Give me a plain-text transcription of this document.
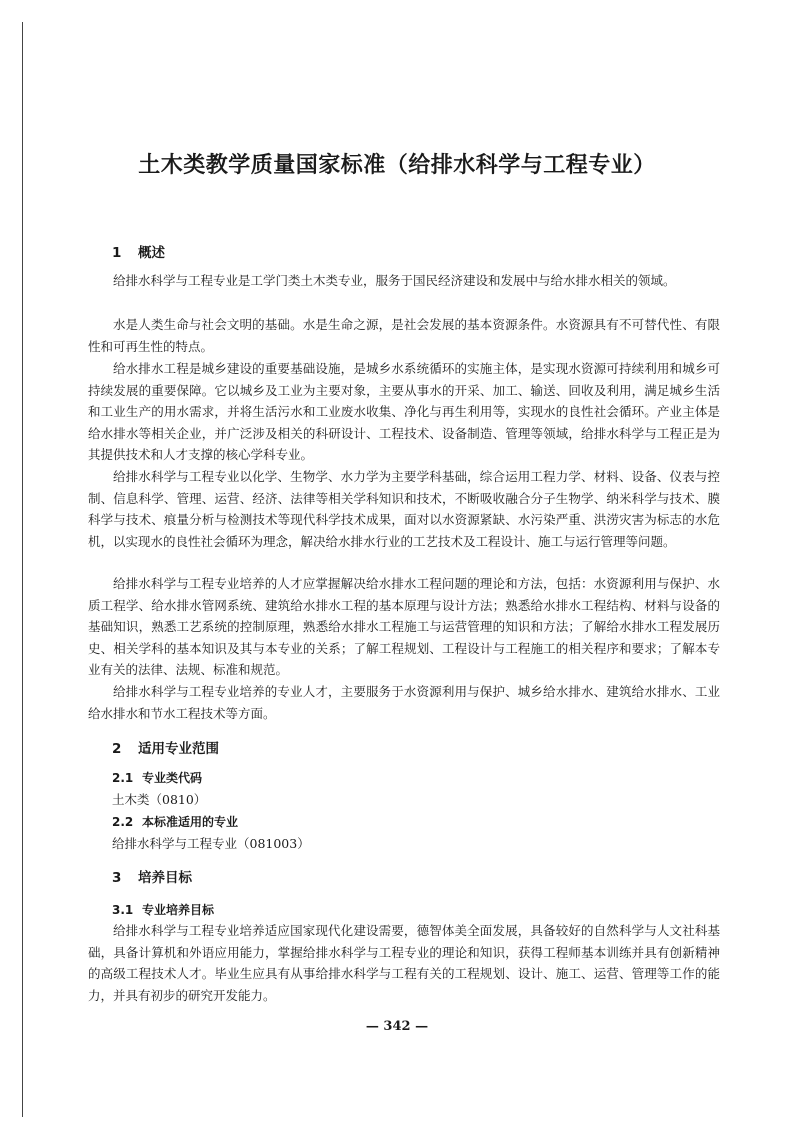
土木类教学质量国家标准（给排水科学与工程专业）
1 概述

给排水科学与工程专业是工学门类土木类专业，服务于国民经济建设和发展中与给水排水相关的领域。

水是人类生命与社会文明的基础。水是生命之源，是社会发展的基本资源条件。水资源具有不可替代性、有限性和可再生性的特点。

给水排水工程是城乡建设的重要基础设施，是城乡水系统循环的实施主体，是实现水资源可持续利用和城乡可持续发展的重要保障。它以城乡及工业为主要对象，主要从事水的开采、加工、输送、回收及利用，满足城乡生活和工业生产的用水需求，并将生活污水和工业废水收集、净化与再生利用等，实现水的良性社会循环。产业主体是给水排水等相关企业，并广泛涉及相关的科研设计、工程技术、设备制造、管理等领域，给排水科学与工程正是为其提供技术和人才支撑的核心学科专业。

给排水科学与工程专业以化学、生物学、水力学为主要学科基础，综合运用工程力学、材料、设备、仪表与控制、信息科学、管理、运营、经济、法律等相关学科知识和技术，不断吸收融合分子生物学、纳米科学与技术、膜科学与技术、痕量分析与检测技术等现代科学技术成果，面对以水资源紧缺、水污染严重、洪涝灾害为标志的水危机，以实现水的良性社会循环为理念，解决给水排水行业的工艺技术及工程设计、施工与运行管理等问题。

给排水科学与工程专业培养的人才应掌握解决给水排水工程问题的理论和方法，包括：水资源利用与保护、水质工程学、给水排水管网系统、建筑给水排水工程的基本原理与设计方法；熟悉给水排水工程结构、材料与设备的基础知识，熟悉工艺系统的控制原理，熟悉给水排水工程施工与运营管理的知识和方法；了解给水排水工程发展历史、相关学科的基本知识及其与本专业的关系；了解工程规划、工程设计与工程施工的相关程序和要求；了解本专业有关的法律、法规、标准和规范。

给排水科学与工程专业培养的专业人才，主要服务于水资源利用与保护、城乡给水排水、建筑给水排水、工业给水排水和节水工程技术等方面。

2 适用专业范围
2.1 专业类代码

土木类（0810）

2.2 本标准适用的专业

给排水科学与工程专业（081003）

3 培养目标
3.1 专业培养目标

给排水科学与工程专业培养适应国家现代化建设需要，德智体美全面发展，具备较好的自然科学与人文社科基础，具备计算机和外语应用能力，掌握给排水科学与工程专业的理论和知识，获得工程师基本训练并具有创新精神的高级工程技术人才。毕业生应具有从事给排水科学与工程有关的工程规划、设计、施工、运营、管理等工作的能力，并具有初步的研究开发能力。

— 342 —
